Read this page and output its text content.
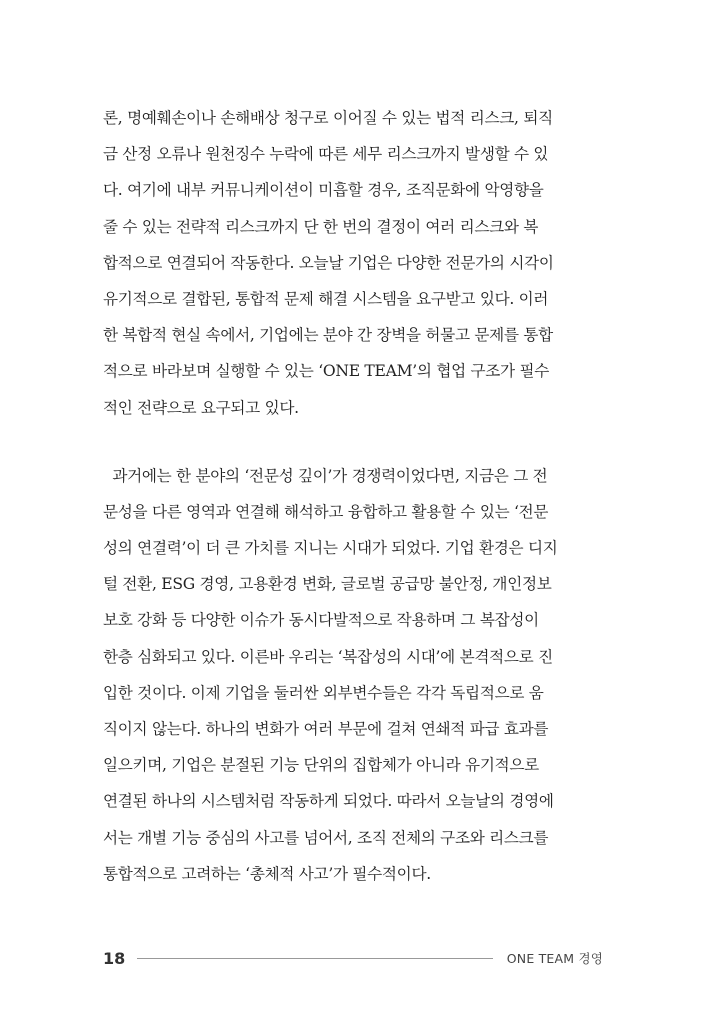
론, 명예훼손이나 손해배상 청구로 이어질 수 있는 법적 리스크, 퇴직
금 산정 오류나 원천징수 누락에 따른 세무 리스크까지 발생할 수 있
다. 여기에 내부 커뮤니케이션이 미흡할 경우, 조직문화에 악영향을
줄 수 있는 전략적 리스크까지 단 한 번의 결정이 여러 리스크와 복
합적으로 연결되어 작동한다. 오늘날 기업은 다양한 전문가의 시각이
유기적으로 결합된, 통합적 문제 해결 시스템을 요구받고 있다. 이러
한 복합적 현실 속에서, 기업에는 분야 간 장벽을 허물고 문제를 통합
적으로 바라보며 실행할 수 있는 ‘ONE TEAM’의 협업 구조가 필수
적인 전략으로 요구되고 있다.
과거에는 한 분야의 ‘전문성 깊이’가 경쟁력이었다면, 지금은 그 전
문성을 다른 영역과 연결해 해석하고 융합하고 활용할 수 있는 ‘전문
성의 연결력’이 더 큰 가치를 지니는 시대가 되었다. 기업 환경은 디지
털 전환, ESG 경영, 고용환경 변화, 글로벌 공급망 불안정, 개인정보
보호 강화 등 다양한 이슈가 동시다발적으로 작용하며 그 복잡성이
한층 심화되고 있다. 이른바 우리는 ‘복잡성의 시대’에 본격적으로 진
입한 것이다. 이제 기업을 둘러싼 외부변수들은 각각 독립적으로 움
직이지 않는다. 하나의 변화가 여러 부문에 걸쳐 연쇄적 파급 효과를
일으키며, 기업은 분절된 기능 단위의 집합체가 아니라 유기적으로
연결된 하나의 시스템처럼 작동하게 되었다. 따라서 오늘날의 경영에
서는 개별 기능 중심의 사고를 넘어서, 조직 전체의 구조와 리스크를
통합적으로 고려하는 ‘총체적 사고’가 필수적이다.
18	ONE TEAM 경영
